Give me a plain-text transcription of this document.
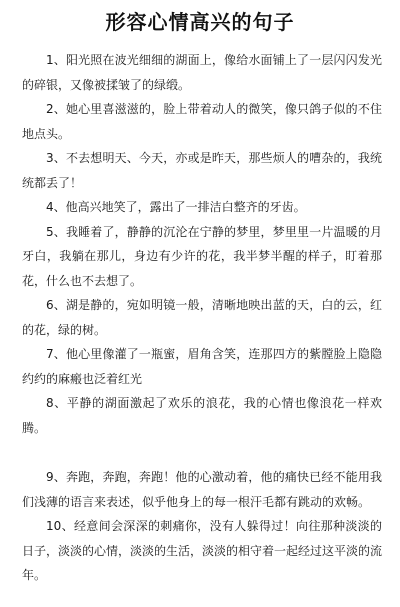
形容心情高兴的句子
1、阳光照在波光细细的湖面上，像给水面铺上了一层闪闪发光的碎银，又像被揉皱了的绿缎。
2、她心里喜滋滋的，脸上带着动人的微笑，像只鸽子似的不住地点头。
3、不去想明天、今天，亦或是昨天，那些烦人的嘈杂的，我统统都丢了！
4、他高兴地笑了，露出了一排洁白整齐的牙齿。
5、我睡着了，静静的沉沦在宁静的梦里，梦里里一片温暖的月牙白，我躺在那儿，身边有少许的花，我半梦半醒的样子，盯着那花，什么也不去想了。
6、湖是静的，宛如明镜一般，清晰地映出蓝的天，白的云，红的花，绿的树。
7、他心里像灌了一瓶蜜，眉角含笑，连那四方的紫膛脸上隐隐约约的麻瘢也泛着红光
8、平静的湖面激起了欢乐的浪花，我的心情也像浪花一样欢腾。
9、奔跑，奔跑，奔跑！他的心激动着，他的痛快已经不能用我们浅薄的语言来表述，似乎他身上的每一根汗毛都有跳动的欢畅。
10、经意间会深深的刺痛你，没有人躲得过！向往那种淡淡的日子，淡淡的心情，淡淡的生活，淡淡的相守着一起经过这平淡的流年。
